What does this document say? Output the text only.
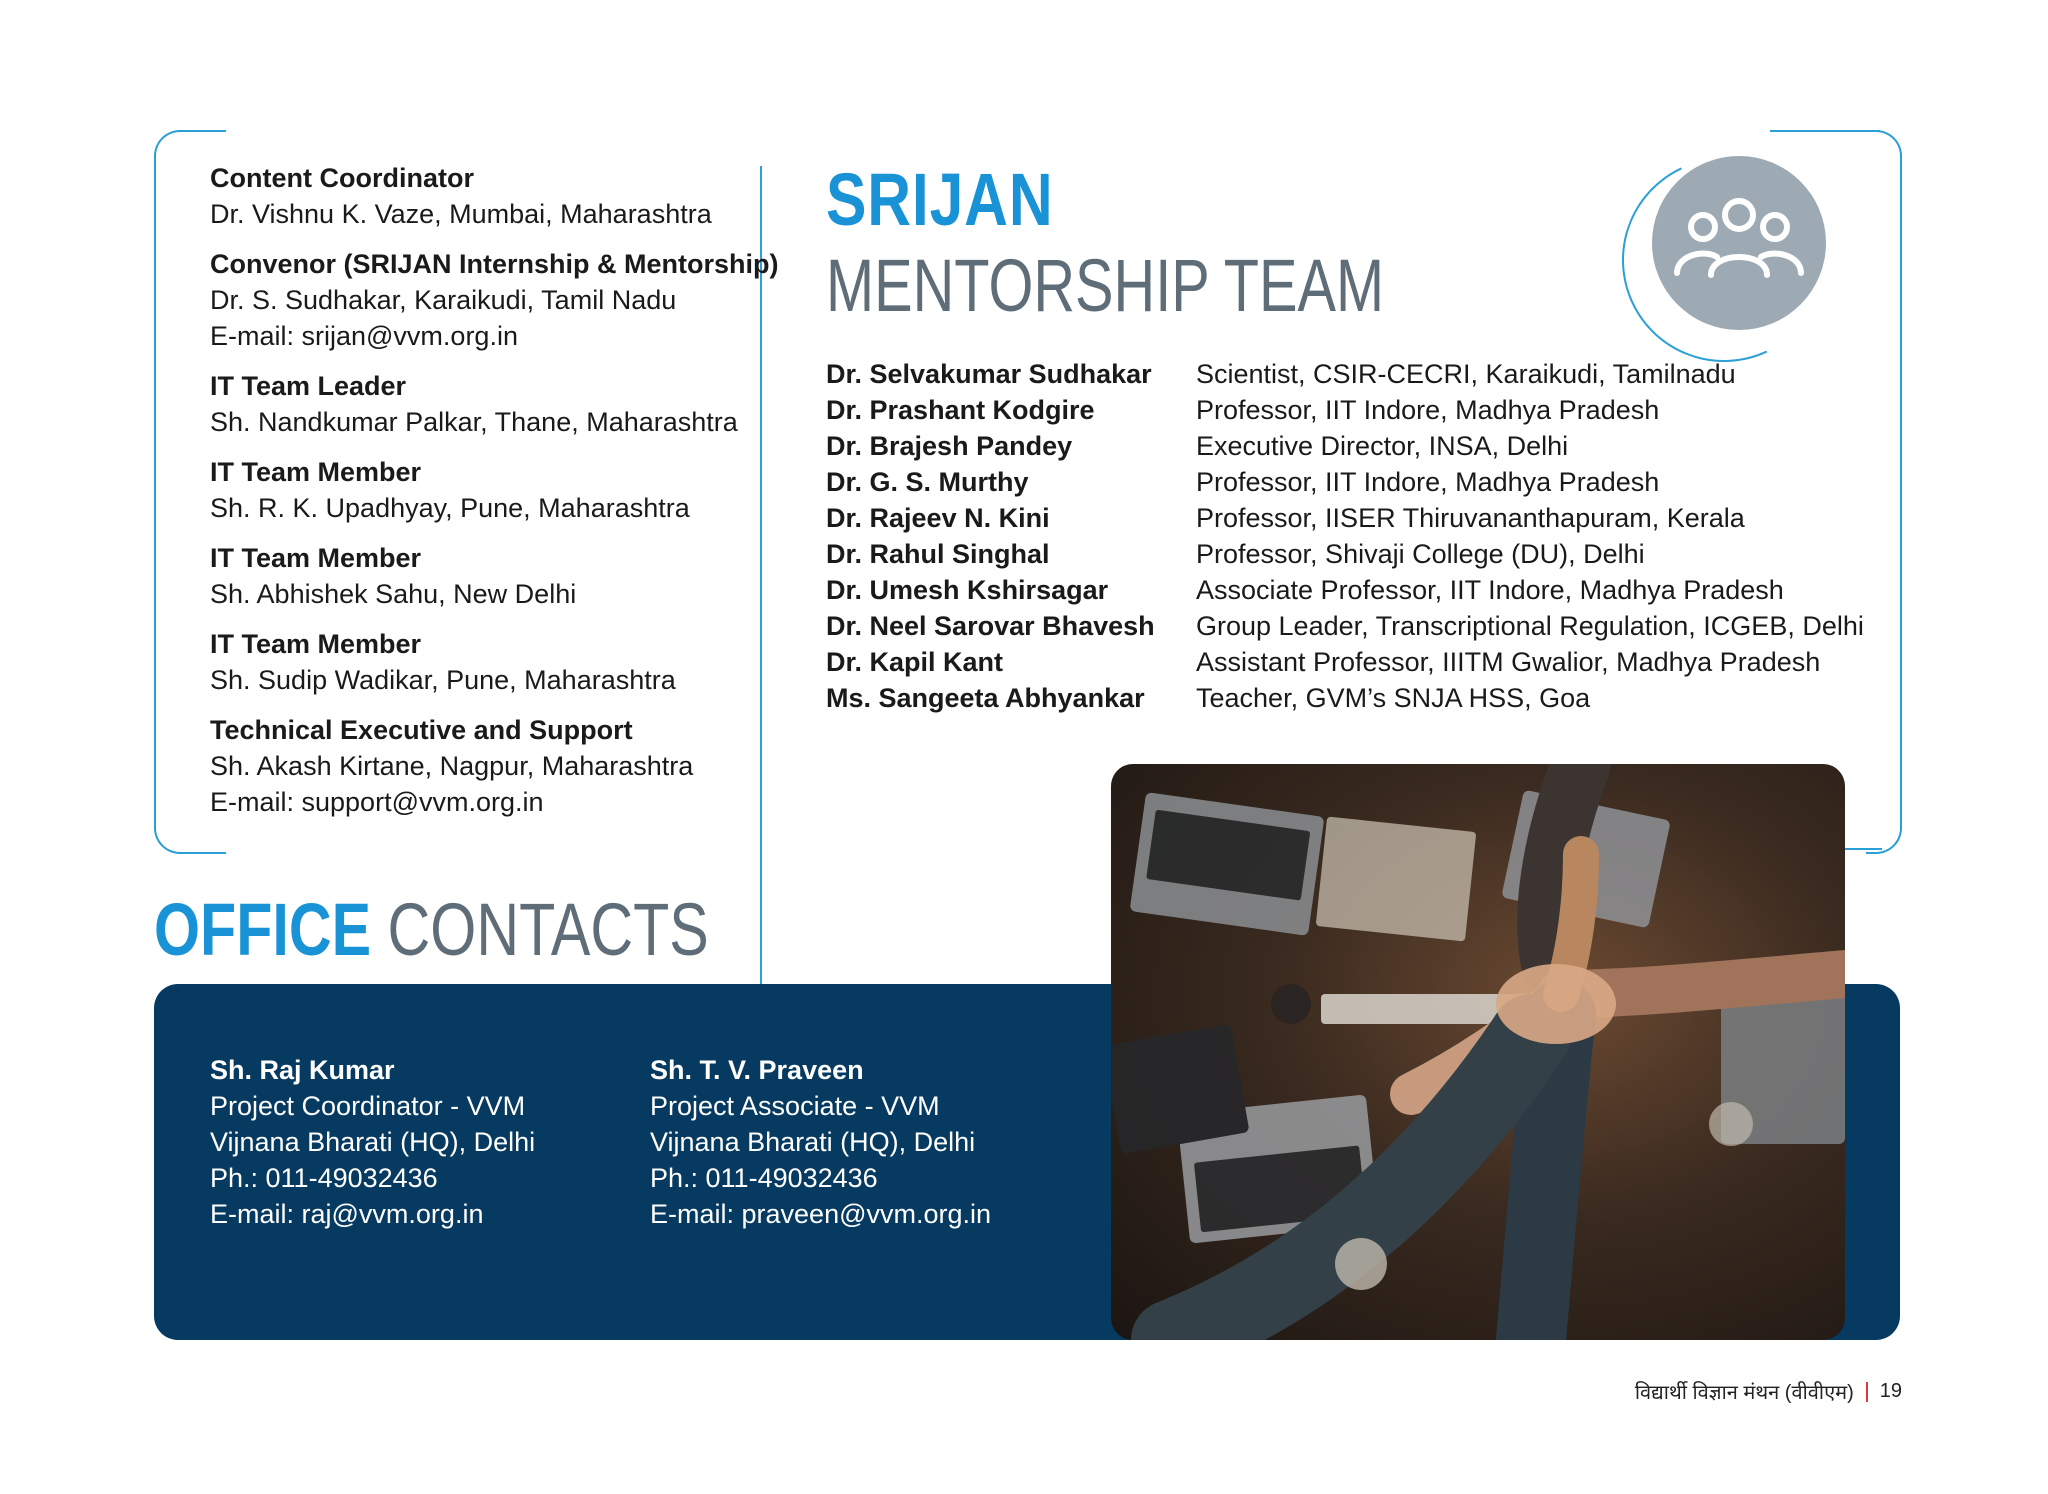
Content Coordinator
Dr. Vishnu K. Vaze, Mumbai, Maharashtra
Convenor (SRIJAN Internship & Mentorship)
Dr. S. Sudhakar, Karaikudi, Tamil Nadu
E-mail: srijan@vvm.org.in
IT Team Leader
Sh. Nandkumar Palkar, Thane, Maharashtra
IT Team Member
Sh. R. K. Upadhyay, Pune, Maharashtra
IT Team Member
Sh. Abhishek Sahu, New Delhi
IT Team Member
Sh. Sudip Wadikar, Pune, Maharashtra
Technical Executive and Support
Sh. Akash Kirtane, Nagpur, Maharashtra
E-mail: support@vvm.org.in
SRIJAN
MENTORSHIP TEAM
Dr. Selvakumar Sudhakar	Scientist, CSIR-CECRI, Karaikudi, Tamilnadu
Dr. Prashant Kodgire	Professor, IIT Indore, Madhya Pradesh
Dr. Brajesh Pandey	Executive Director, INSA, Delhi
Dr. G. S. Murthy	Professor, IIT Indore, Madhya Pradesh
Dr. Rajeev N. Kini	Professor, IISER Thiruvananthapuram, Kerala
Dr. Rahul Singhal	Professor, Shivaji College (DU), Delhi
Dr. Umesh Kshirsagar	Associate Professor, IIT Indore, Madhya Pradesh
Dr. Neel Sarovar Bhavesh	Group Leader, Transcriptional Regulation, ICGEB, Delhi
Dr. Kapil Kant	Assistant Professor, IIITM Gwalior, Madhya Pradesh
Ms. Sangeeta Abhyankar	Teacher, GVM’s SNJA HSS, Goa
OFFICE CONTACTS
Sh. Raj Kumar
Project Coordinator - VVM
Vijnana Bharati (HQ), Delhi
Ph.: 011-49032436
E-mail: raj@vvm.org.in
Sh. T. V. Praveen
Project Associate - VVM
Vijnana Bharati (HQ), Delhi
Ph.: 011-49032436
E-mail: praveen@vvm.org.in
विद्यार्थी विज्ञान मंथन (वीवीएम) 19
